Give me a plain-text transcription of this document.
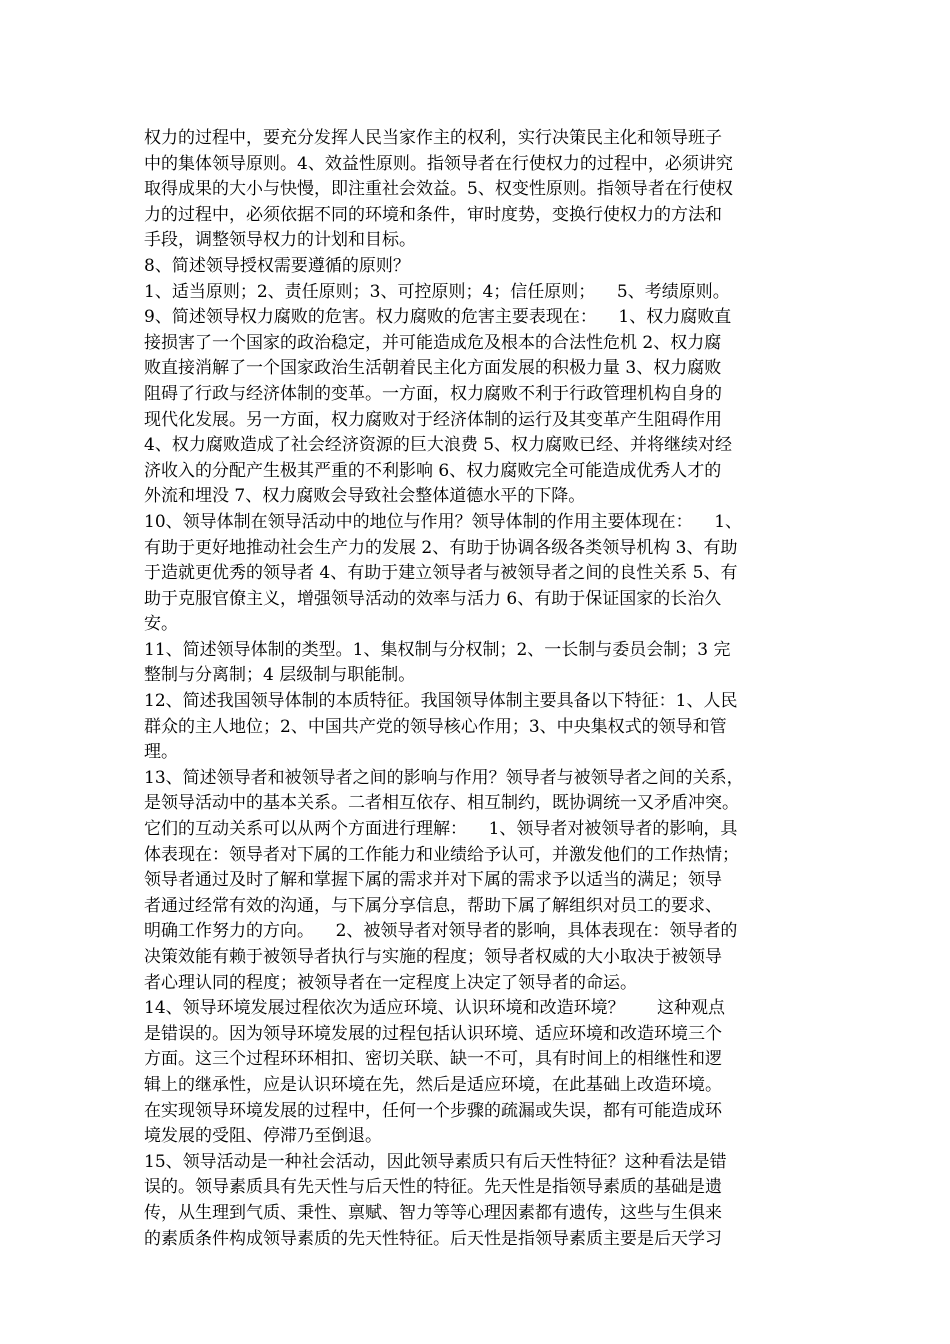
权力的过程中，要充分发挥人民当家作主的权利，实行决策民主化和领导班子
中的集体领导原则。4、效益性原则。指领导者在行使权力的过程中，必须讲究
取得成果的大小与快慢，即注重社会效益。5、权变性原则。指领导者在行使权
力的过程中，必须依据不同的环境和条件，审时度势，变换行使权力的方法和
手段，调整领导权力的计划和目标。
8、简述领导授权需要遵循的原则？
1、适当原则；2、责任原则；3、可控原则；4；信任原则；    5、考绩原则。
9、简述领导权力腐败的危害。权力腐败的危害主要表现在：    1、权力腐败直
接损害了一个国家的政治稳定，并可能造成危及根本的合法性危机 2、权力腐
败直接消解了一个国家政治生活朝着民主化方面发展的积极力量 3、权力腐败
阻碍了行政与经济体制的变革。一方面，权力腐败不利于行政管理机构自身的
现代化发展。另一方面，权力腐败对于经济体制的运行及其变革产生阻碍作用
4、权力腐败造成了社会经济资源的巨大浪费 5、权力腐败已经、并将继续对经
济收入的分配产生极其严重的不利影响 6、权力腐败完全可能造成优秀人才的
外流和埋没 7、权力腐败会导致社会整体道德水平的下降。
10、领导体制在领导活动中的地位与作用？领导体制的作用主要体现在：    1、
有助于更好地推动社会生产力的发展 2、有助于协调各级各类领导机构 3、有助
于造就更优秀的领导者 4、有助于建立领导者与被领导者之间的良性关系 5、有
助于克服官僚主义，增强领导活动的效率与活力 6、有助于保证国家的长治久
安。
11、简述领导体制的类型。1、集权制与分权制；2、一长制与委员会制；3 完
整制与分离制；4 层级制与职能制。
12、简述我国领导体制的本质特征。我国领导体制主要具备以下特征：1、人民
群众的主人地位；2、中国共产党的领导核心作用；3、中央集权式的领导和管
理。
13、简述领导者和被领导者之间的影响与作用？领导者与被领导者之间的关系，
是领导活动中的基本关系。二者相互依存、相互制约，既协调统一又矛盾冲突。
它们的互动关系可以从两个方面进行理解：    1、领导者对被领导者的影响，具
体表现在：领导者对下属的工作能力和业绩给予认可，并激发他们的工作热情；
领导者通过及时了解和掌握下属的需求并对下属的需求予以适当的满足；领导
者通过经常有效的沟通，与下属分享信息，帮助下属了解组织对员工的要求、
明确工作努力的方向。    2、被领导者对领导者的影响，具体表现在：领导者的
决策效能有赖于被领导者执行与实施的程度；领导者权威的大小取决于被领导
者心理认同的程度；被领导者在一定程度上决定了领导者的命运。
14、领导环境发展过程依次为适应环境、认识环境和改造环境？      这种观点
是错误的。因为领导环境发展的过程包括认识环境、适应环境和改造环境三个
方面。这三个过程环环相扣、密切关联、缺一不可，具有时间上的相继性和逻
辑上的继承性，应是认识环境在先，然后是适应环境，在此基础上改造环境。
在实现领导环境发展的过程中，任何一个步骤的疏漏或失误，都有可能造成环
境发展的受阻、停滞乃至倒退。
15、领导活动是一种社会活动，因此领导素质只有后天性特征？这种看法是错
误的。领导素质具有先天性与后天性的特征。先天性是指领导素质的基础是遗
传，从生理到气质、秉性、禀赋、智力等等心理因素都有遗传，这些与生俱来
的素质条件构成领导素质的先天性特征。后天性是指领导素质主要是后天学习
